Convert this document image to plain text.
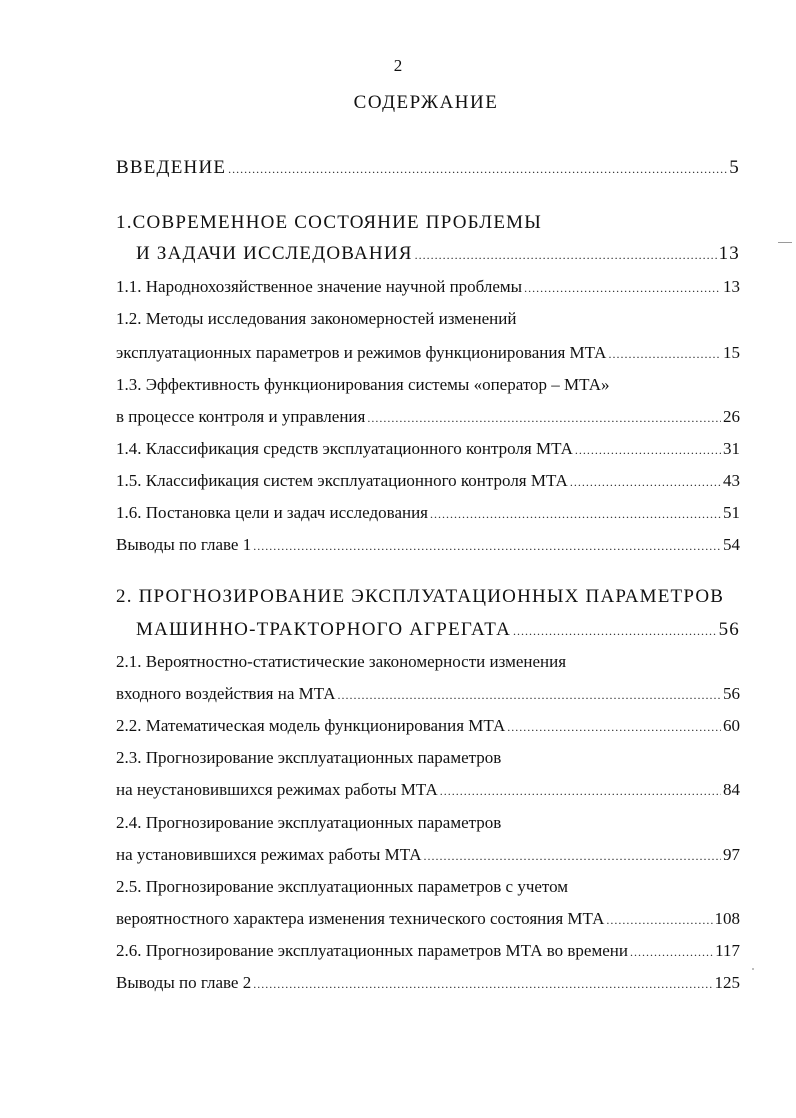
2
СОДЕРЖАНИЕ
ВВЕДЕНИЕ .....	5
1.СОВРЕМЕННОЕ СОСТОЯНИЕ ПРОБЛЕМЫ
И ЗАДАЧИ ИССЛЕДОВАНИЯ .....	13
1.1. Народнохозяйственное значение научной проблемы .....	13
1.2. Методы исследования закономерностей изменений
эксплуатационных параметров и режимов функционирования МТА .....	15
1.3. Эффективность функционирования системы «оператор – МТА»
в процессе контроля и управления .....	26
1.4. Классификация средств эксплуатационного контроля МТА .....	31
1.5. Классификация систем эксплуатационного контроля МТА .....	43
1.6. Постановка цели и задач исследования .....	51
Выводы по главе 1 .....	54
2. ПРОГНОЗИРОВАНИЕ ЭКСПЛУАТАЦИОННЫХ ПАРАМЕТРОВ
МАШИННО-ТРАКТОРНОГО АГРЕГАТА .....	56
2.1. Вероятностно-статистические закономерности изменения
входного воздействия на МТА .....	56
2.2. Математическая модель функционирования МТА .....	60
2.3. Прогнозирование эксплуатационных параметров
на неустановившихся режимах работы МТА .....	84
2.4. Прогнозирование эксплуатационных параметров
на установившихся режимах работы МТА .....	97
2.5. Прогнозирование эксплуатационных параметров с учетом
вероятностного характера изменения технического состояния МТА .....	108
2.6. Прогнозирование эксплуатационных параметров МТА во времени .....	117
Выводы по главе 2 .....	125
